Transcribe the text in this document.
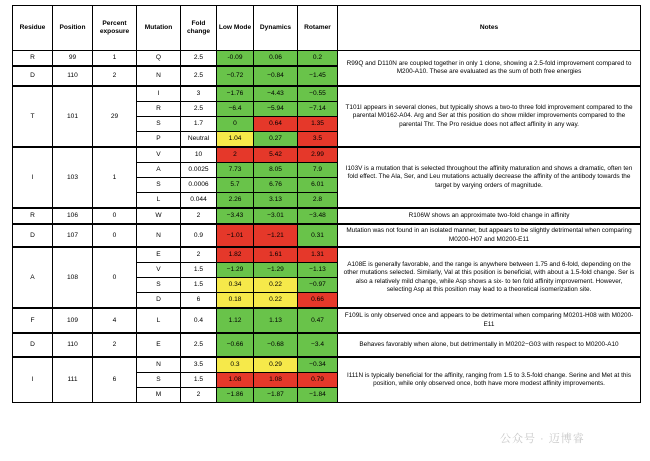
Residue	Position	Percent exposure	Mutation	Fold change	Low Mode	Dynamics	Rotamer	Notes
R	99	1	Q	2.5	-0.09	0.06	0.2	R99Q and D110N are coupled together in only 1 clone, showing a 2.5-fold improvement compared to M200-A10. These are evaluated as the sum of both free energies
D	110	2	N	2.5	−0.72	−0.84	−1.45	
T	101	29	I	3	−1.76	−4.43	−0.55	T101I appears in several clones, but typically shows a two-to three fold improvement compared to the parental M0162-A04. Arg and Ser at this position do show milder improvements compared to the parental Thr. The Pro residue does not affect affinity in any way.
			R	2.5	−6.4	−5.94	−7.14	
			S	1.7	0	0.64	1.35	
			P	Neutral	1.04	0.27	3.5	
I	103	1	V	10	2	5.42	2.99	I103V is a mutation that is selected throughout the affinity maturation and shows a dramatic, often ten fold effect. The Ala, Ser, and Leu mutations actually decrease the affinity of the antibody towards the target by varying orders of magnitude.
			A	0.0025	7.73	8.05	7.9	
			S	0.0006	5.7	6.76	6.01	
			L	0.044	2.26	3.13	2.8	
R	106	0	W	2	−3.43	−3.01	−3.48	R106W shows an approximate two-fold change in affinity
D	107	0	N	0.9	−1.01	−1.21	0.31	Mutation was not found in an isolated manner, but appears to be slightly detrimental when comparing M0200-H07 and M0200-E11
A	108	0	E	2	1.82	1.61	1.31	A108E is generally favorable, and the range is anywhere between 1.75 and 6-fold, depending on the other mutations selected. Similarly, Val at this position is beneficial, with about a 1.5-fold change. Ser is also a relatively mild change, while Asp shows a six- to ten fold affinity improvement. However, selecting Asp at this position may lead to a theoretical isomerization site.
			V	1.5	−1.29	−1.29	−1.13	
			S	1.5	0.34	0.22	−0.97	
			D	6	0.18	0.22	0.66	
F	109	4	L	0.4	1.12	1.13	0.47	F109L is only observed once and appears to be detrimental when comparing M0201-H08 with M0200-E11
D	110	2	E	2.5	−0.66	−0.68	−3.4	Behaves favorably when alone, but detrimentally in M0202−G03 with respect to M0200-A10
I	111	6	N	3.5	0.3	0.29	−0.34	I111N is typically beneficial for the affinity, ranging from 1.5 to 3.5-fold change. Serine and Met at this position, while only observed once, both have more modest affinity improvements.
			S	1.5	1.08	1.08	0.79	
			M	2	−1.86	−1.87	−1.84	
公众号 · 迈博睿
